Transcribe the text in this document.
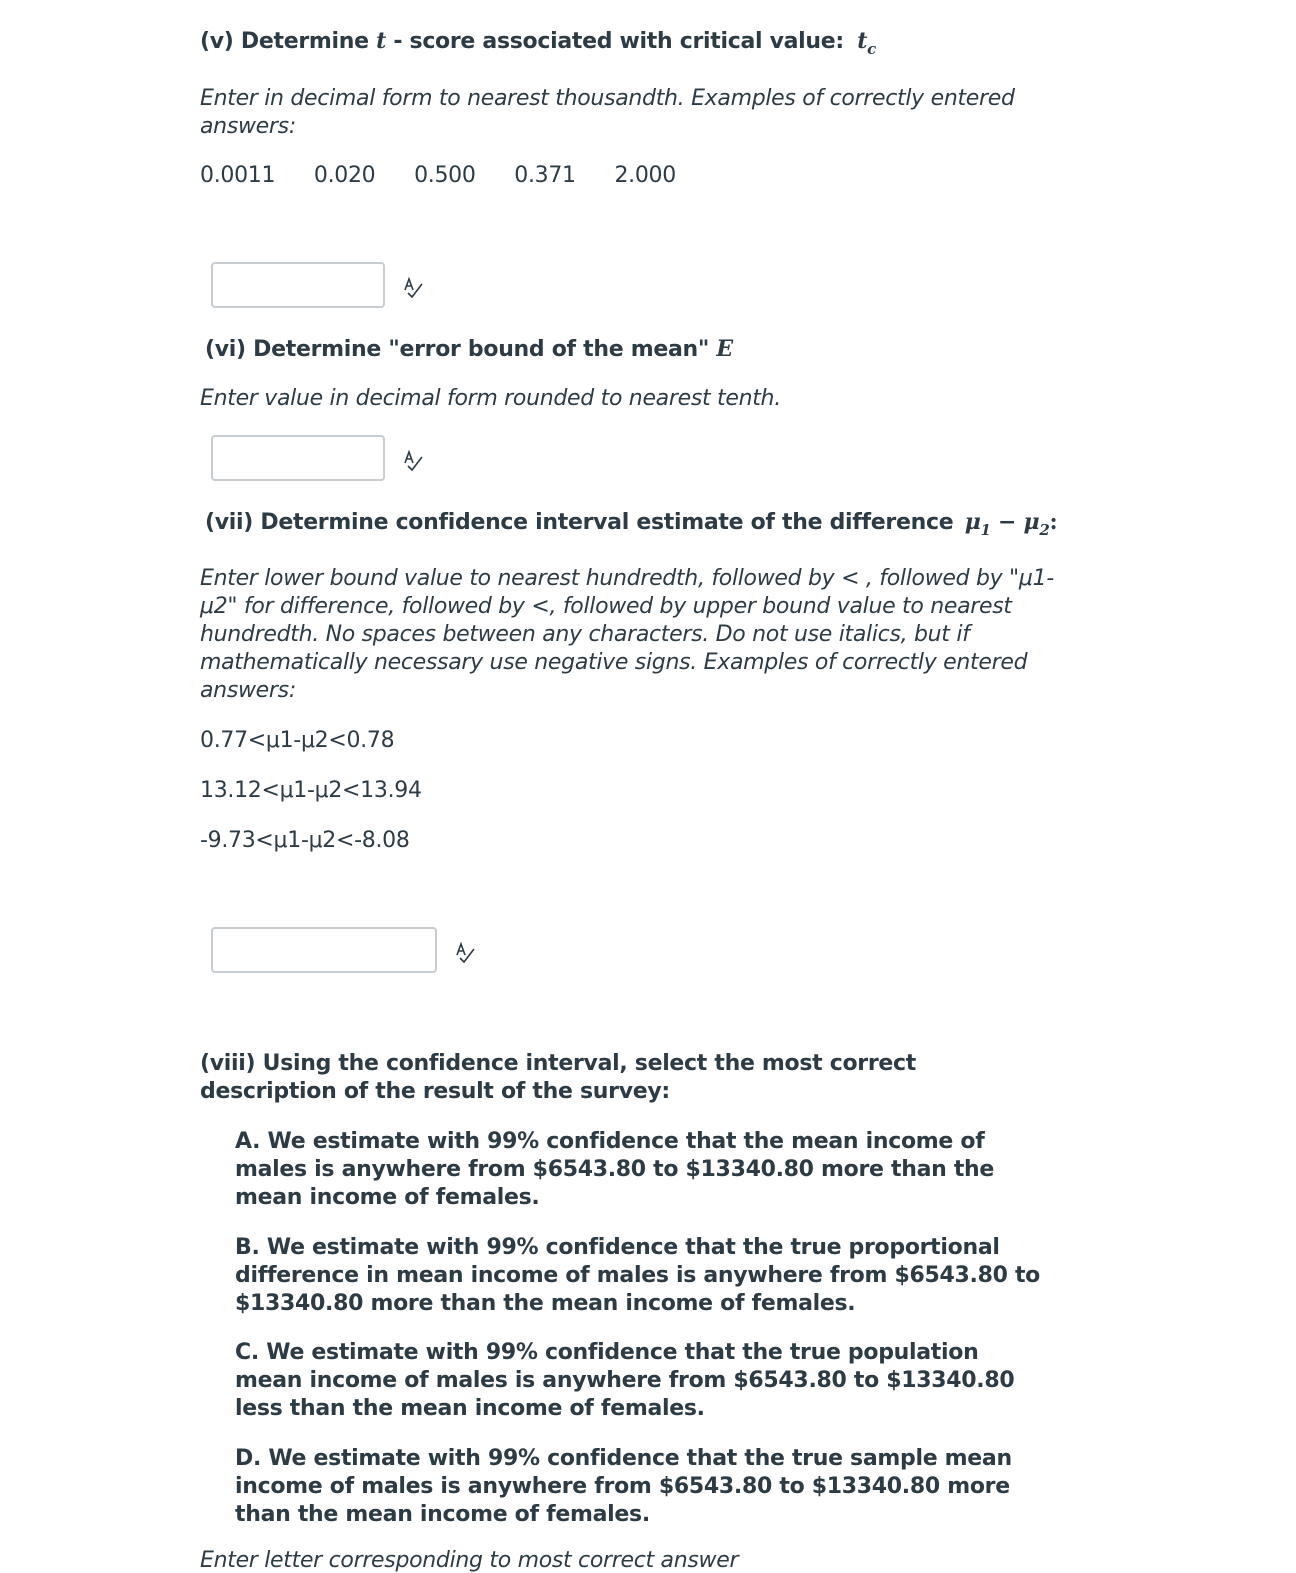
(v) Determine t - score associated with critical value: $t_c$
Enter in decimal form to nearest thousandth. Examples of correctly entered answers:
0.0011 0.020 0.500 0.371 2.000
(vi) Determine "error bound of the mean" E
Enter value in decimal form rounded to nearest tenth.
(vii) Determine confidence interval estimate of the difference $\mu_1 - \mu_2$:
Enter lower bound value to nearest hundredth, followed by < , followed by "μ1-μ2" for difference, followed by <, followed by upper bound value to nearest hundredth. No spaces between any characters. Do not use italics, but if mathematically necessary use negative signs. Examples of correctly entered answers:
0.77<μ1-μ2<0.78
13.12<μ1-μ2<13.94
-9.73<μ1-μ2<-8.08
(viii) Using the confidence interval, select the most correct description of the result of the survey:
A. We estimate with 99% confidence that the mean income of males is anywhere from $6543.80 to $13340.80 more than the mean income of females.
B. We estimate with 99% confidence that the true proportional difference in mean income of males is anywhere from $6543.80 to $13340.80 more than the mean income of females.
C. We estimate with 99% confidence that the true population mean income of males is anywhere from $6543.80 to $13340.80 less than the mean income of females.
D. We estimate with 99% confidence that the true sample mean income of males is anywhere from $6543.80 to $13340.80 more than the mean income of females.
Enter letter corresponding to most correct answer
